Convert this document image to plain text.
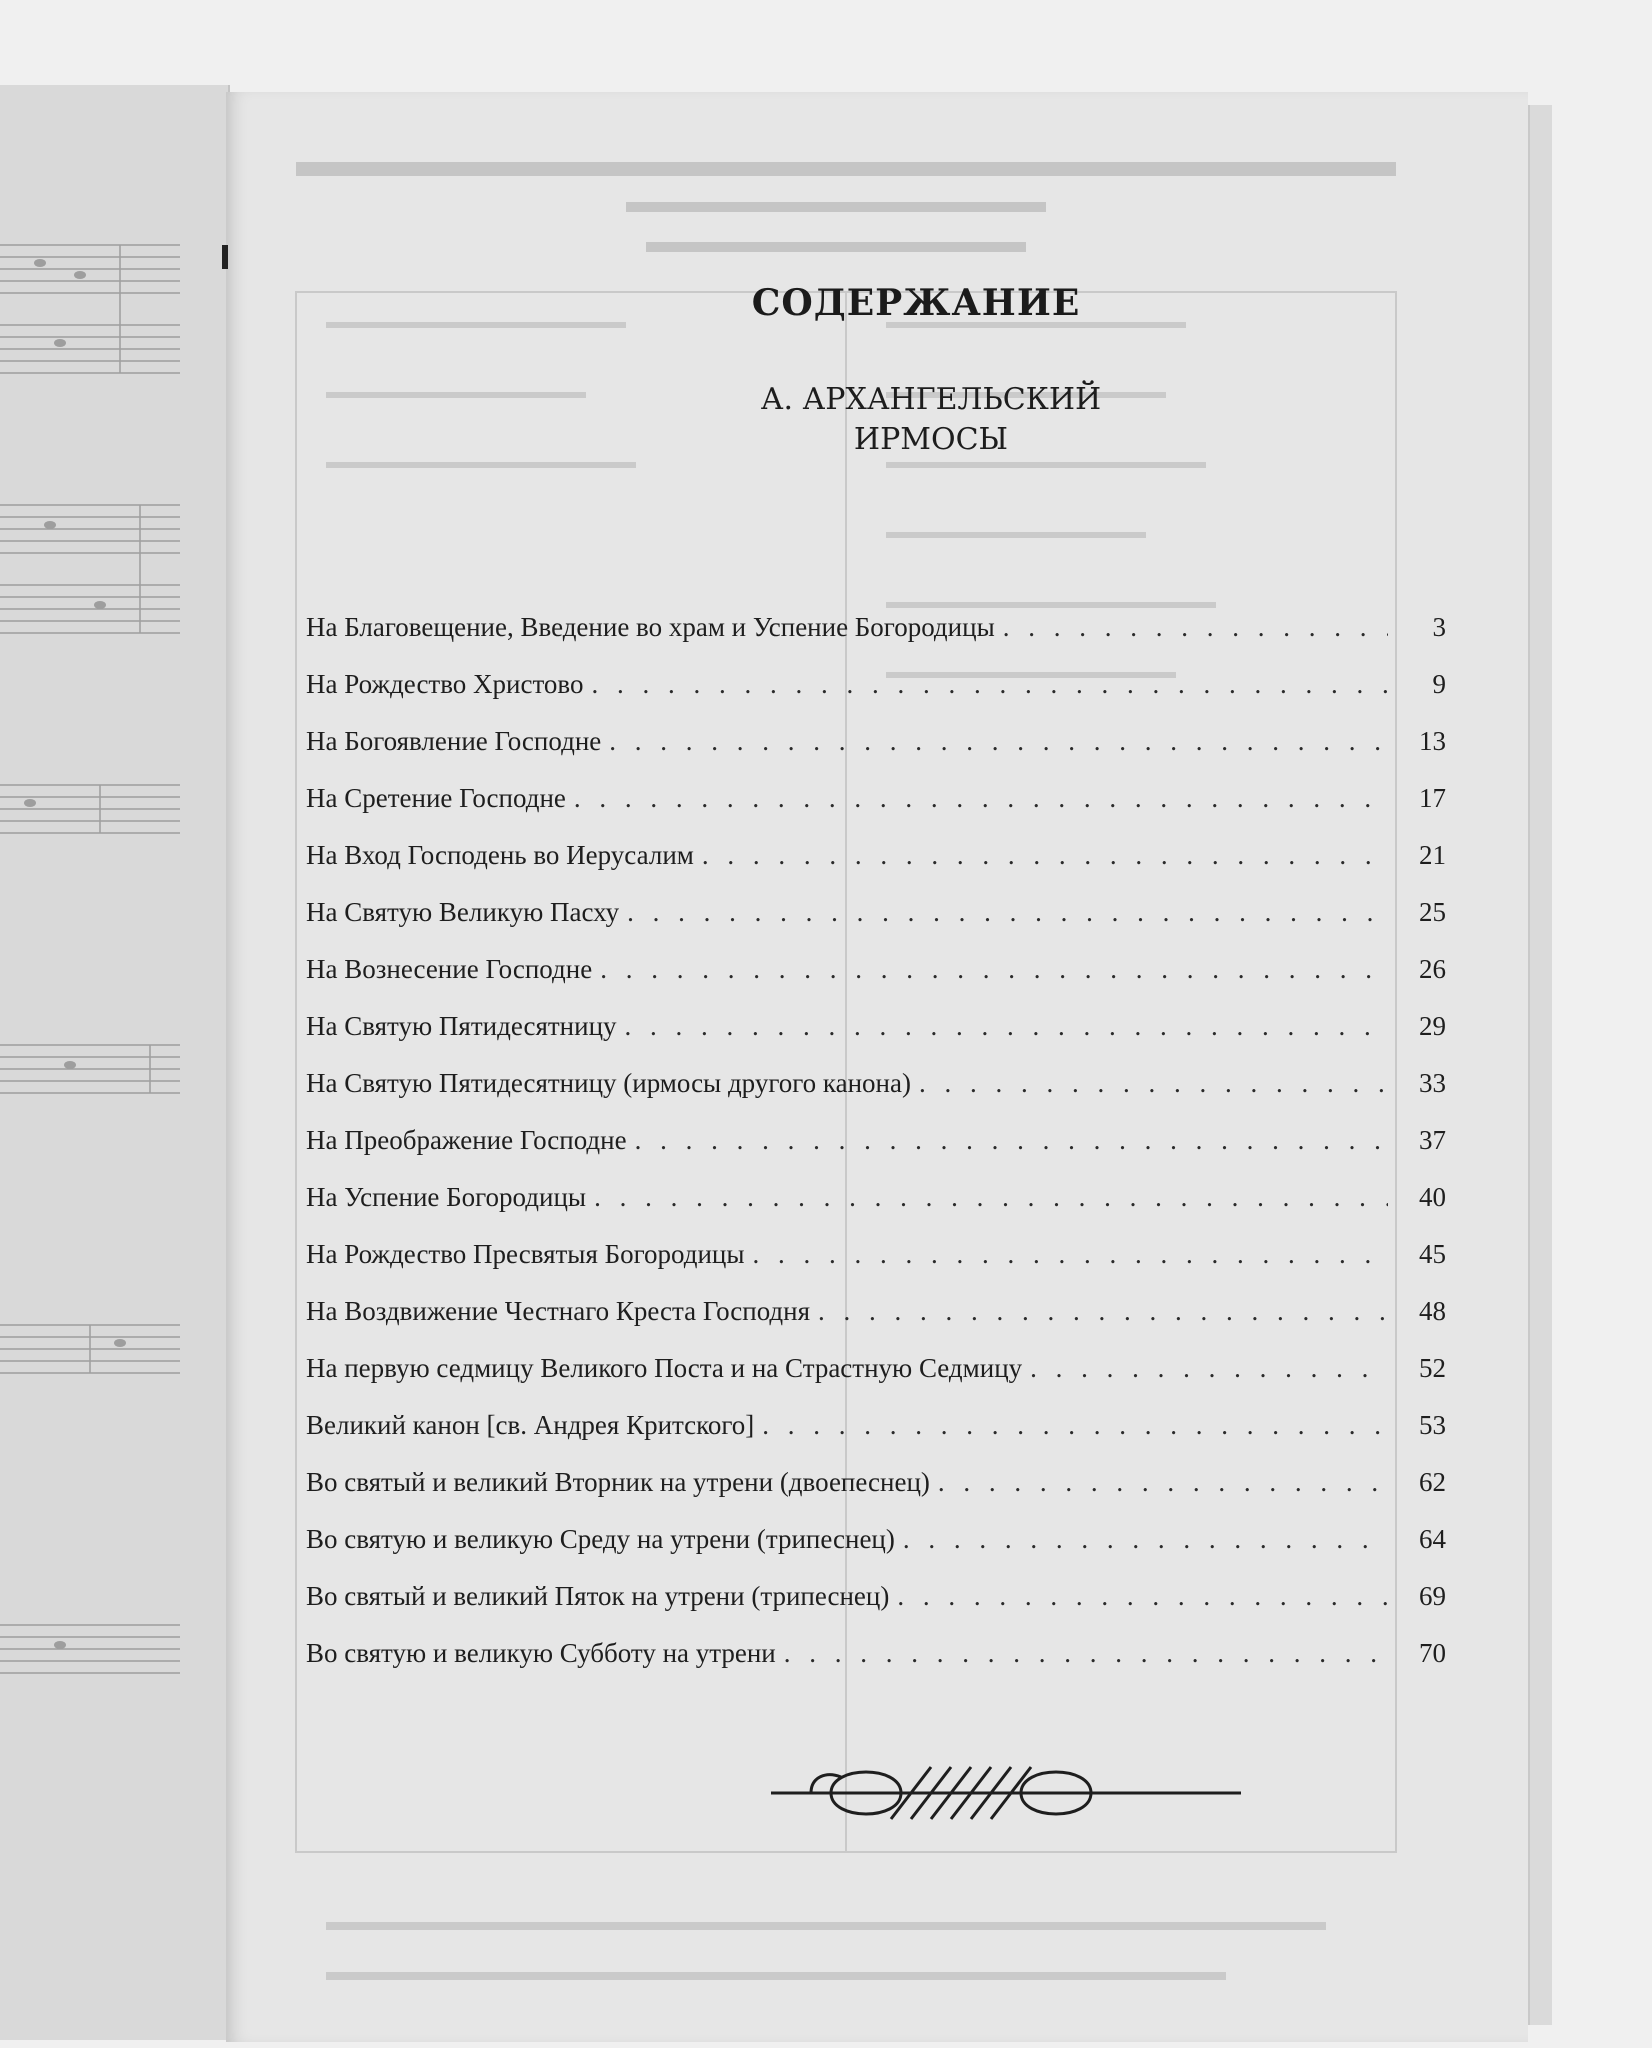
СОДЕРЖАНИЕ
А. АРХАНГЕЛЬСКИЙ
ИРМОСЫ
На Благовещение, Введение во храм и Успение Богородицы . . .	3
На Рождество Христово . . .	9
На Богоявление Господне . . .	13
На Сретение Господне . . .	17
На Вход Господень во Иерусалим . . .	21
На Святую Великую Пасху . . .	25
На Вознесение Господне . . .	26
На Святую Пятидесятницу . . .	29
На Святую Пятидесятницу (ирмосы другого канона) . . .	33
На Преображение Господне . . .	37
На Успение Богородицы . . .	40
На Рождество Пресвятыя Богородицы . . .	45
На Воздвижение Честнаго Креста Господня . . .	48
На первую седмицу Великого Поста и на Страстную Седмицу . . .	52
Великий канон [св. Андрея Критского] . . .	53
Во святый и великий Вторник на утрени (двоепеснец) . . .	62
Во святую и великую Среду на утрени (трипеснец) . . .	64
Во святый и великий Пяток на утрени (трипеснец) . . .	69
Во святую и великую Субботу на утрени . . .	70
